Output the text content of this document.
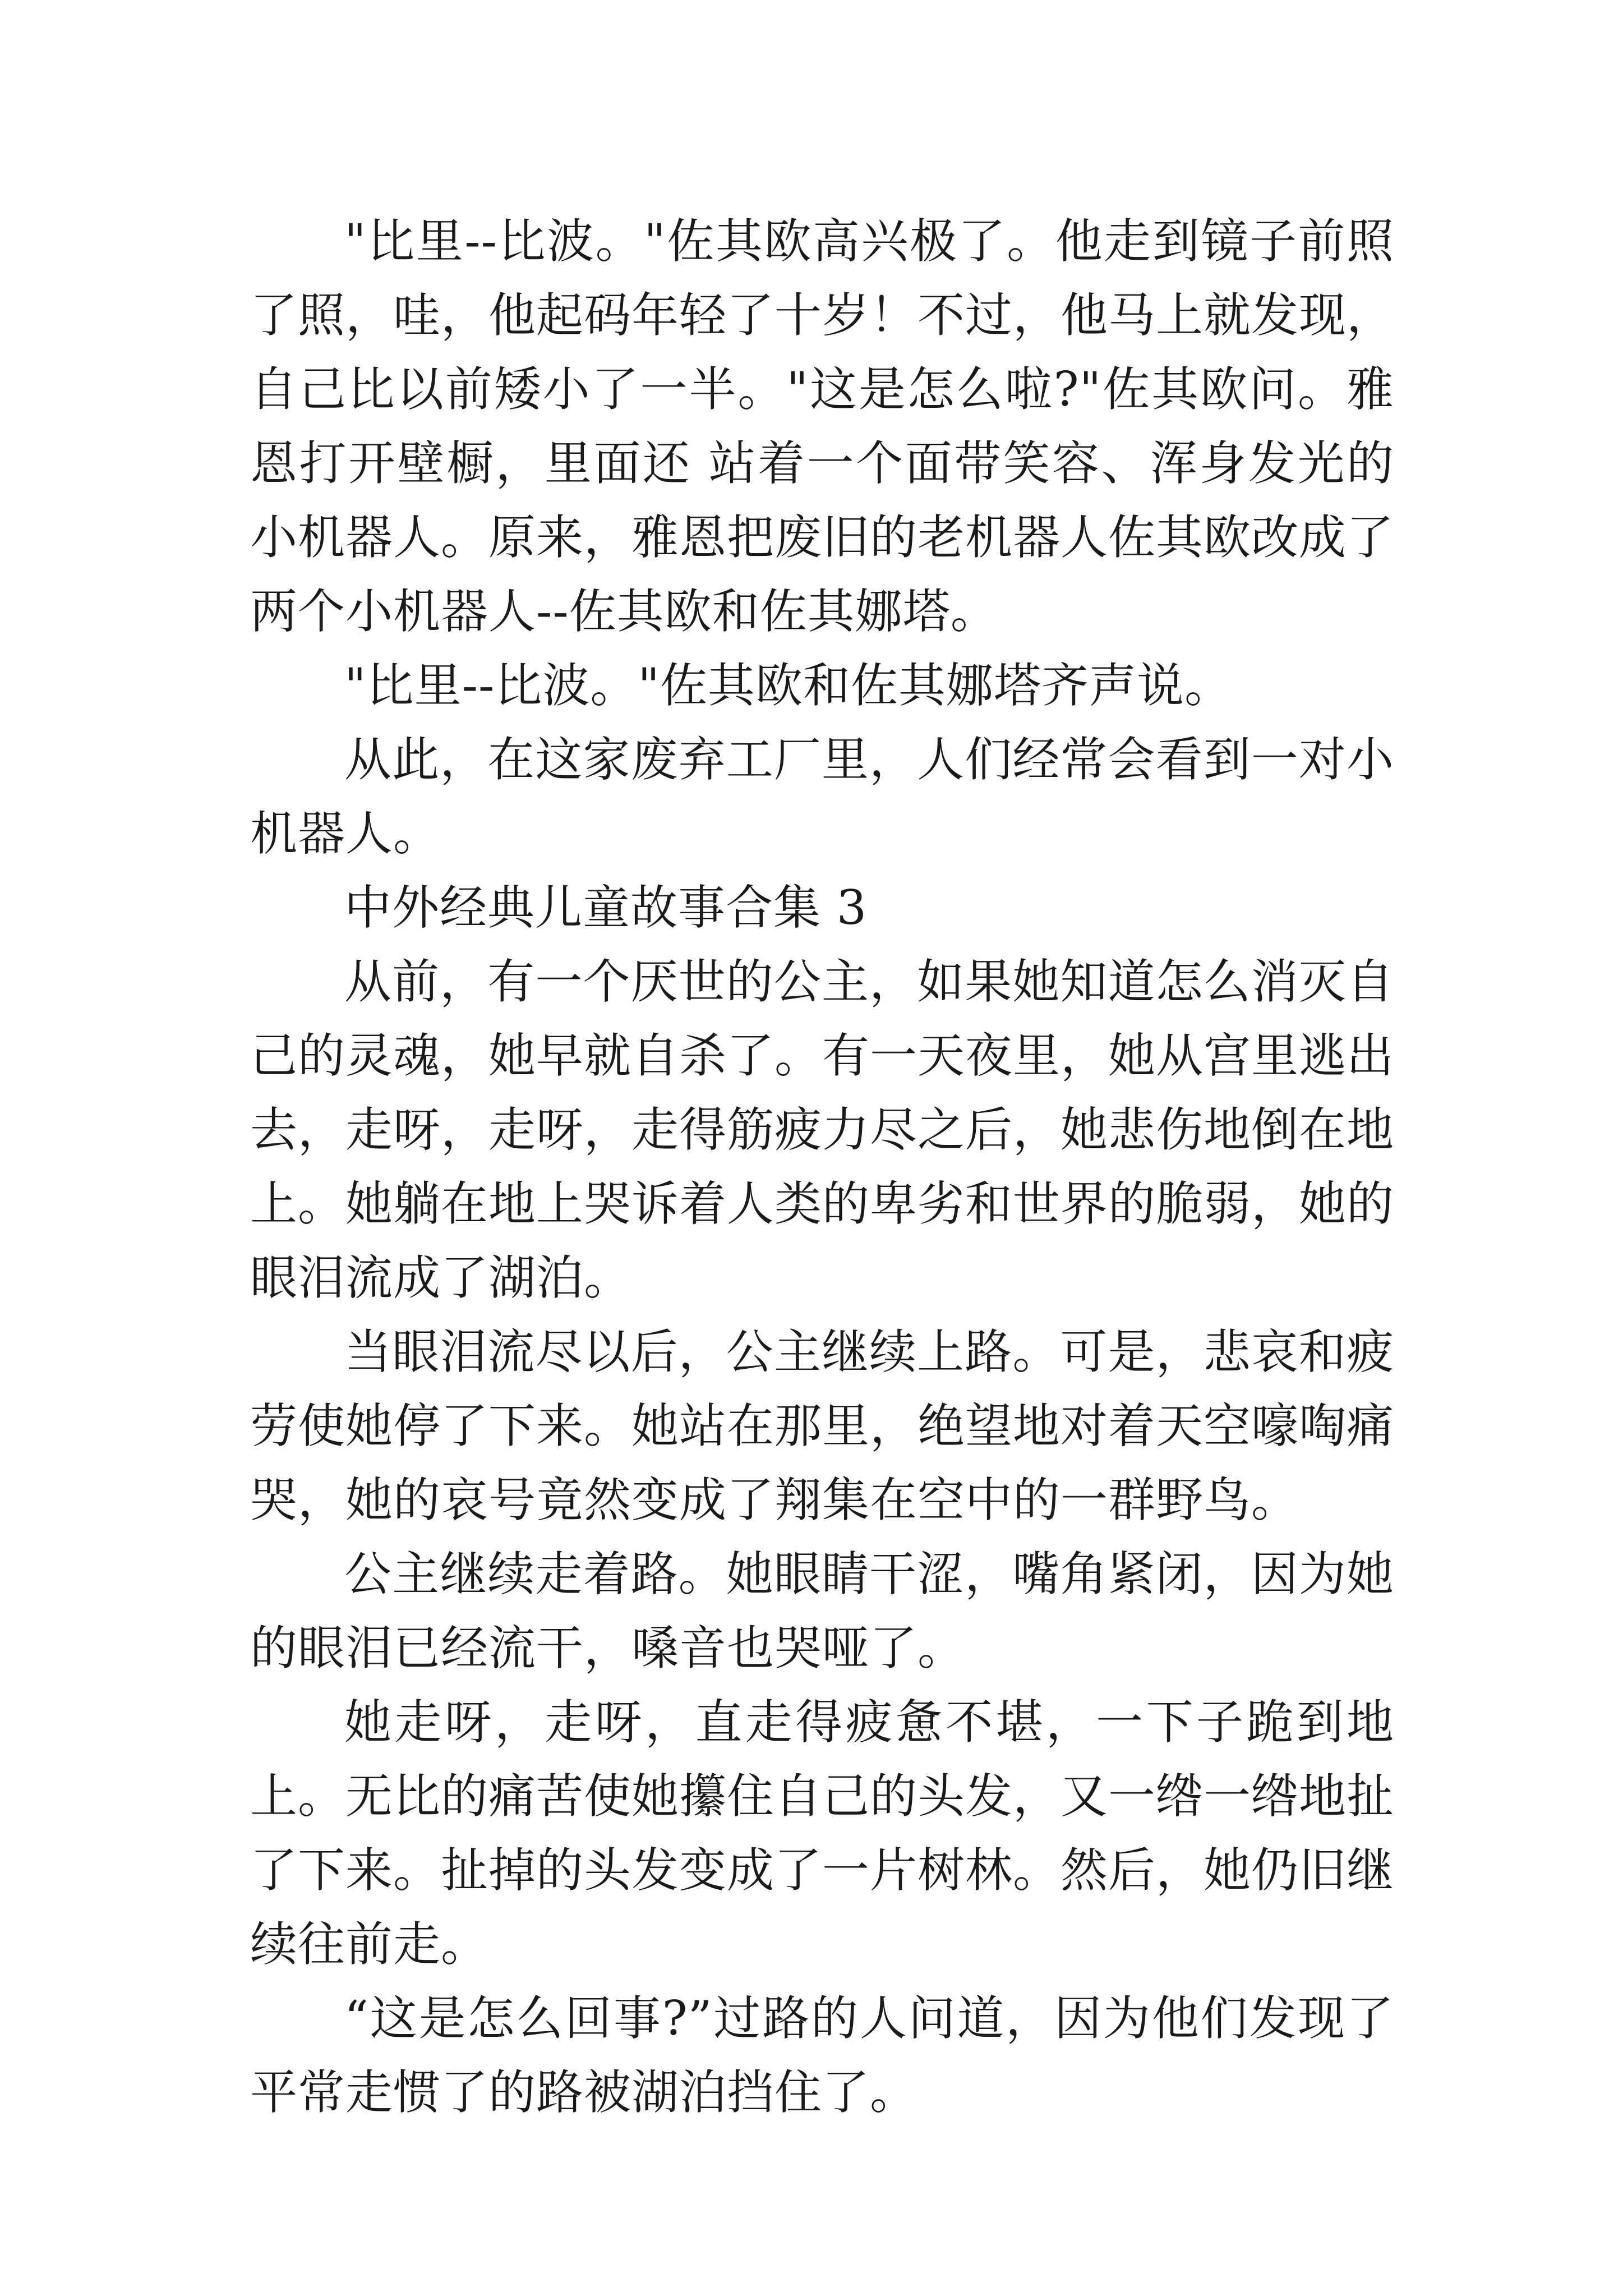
"比里--比波。"佐其欧高兴极了。他走到镜子前照了照，哇，他起码年轻了十岁！不过，他马上就发现，自己比以前矮小了一半。"这是怎么啦?"佐其欧问。雅恩打开壁橱，里面还 站着一个面带笑容、浑身发光的小机器人。原来，雅恩把废旧的老机器人佐其欧改成了两个小机器人--佐其欧和佐其娜塔。

"比里--比波。"佐其欧和佐其娜塔齐声说。

从此，在这家废弃工厂里，人们经常会看到一对小机器人。

中外经典儿童故事合集 3

从前，有一个厌世的公主，如果她知道怎么消灭自己的灵魂，她早就自杀了。有一天夜里，她从宫里逃出去，走呀，走呀，走得筋疲力尽之后，她悲伤地倒在地上。她躺在地上哭诉着人类的卑劣和世界的脆弱，她的眼泪流成了湖泊。

当眼泪流尽以后，公主继续上路。可是，悲哀和疲劳使她停了下来。她站在那里，绝望地对着天空嚎啕痛哭，她的哀号竟然变成了翔集在空中的一群野鸟。

公主继续走着路。她眼睛干涩，嘴角紧闭，因为她的眼泪已经流干，嗓音也哭哑了。

她走呀，走呀，直走得疲惫不堪，一下子跪到地上。无比的痛苦使她攥住自己的头发，又一绺一绺地扯了下来。扯掉的头发变成了一片树林。然后，她仍旧继续往前走。

“这是怎么回事?”过路的人问道，因为他们发现了平常走惯了的路被湖泊挡住了。
